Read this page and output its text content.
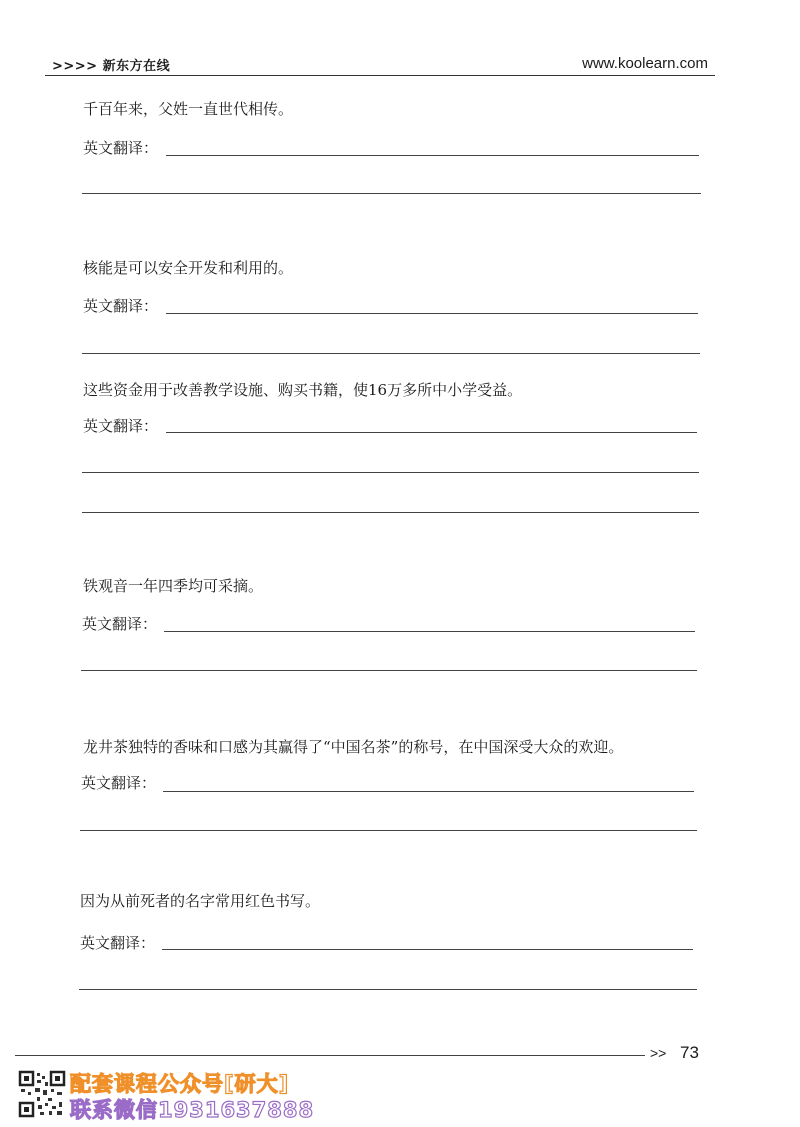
>>>> 新东方在线	www.koolearn.com
千百年来，父姓一直世代相传。
英文翻译：
核能是可以安全开发和利用的。
英文翻译：
这些资金用于改善教学设施、购买书籍，使16万多所中小学受益。
英文翻译：
铁观音一年四季均可采摘。
英文翻译：
龙井茶独特的香味和口感为其赢得了“中国名茶”的称号，在中国深受大众的欢迎。
英文翻译：
因为从前死者的名字常用红色书写。
英文翻译：
>> 73
配套课程公众号[研大]
联系微信1931637888
